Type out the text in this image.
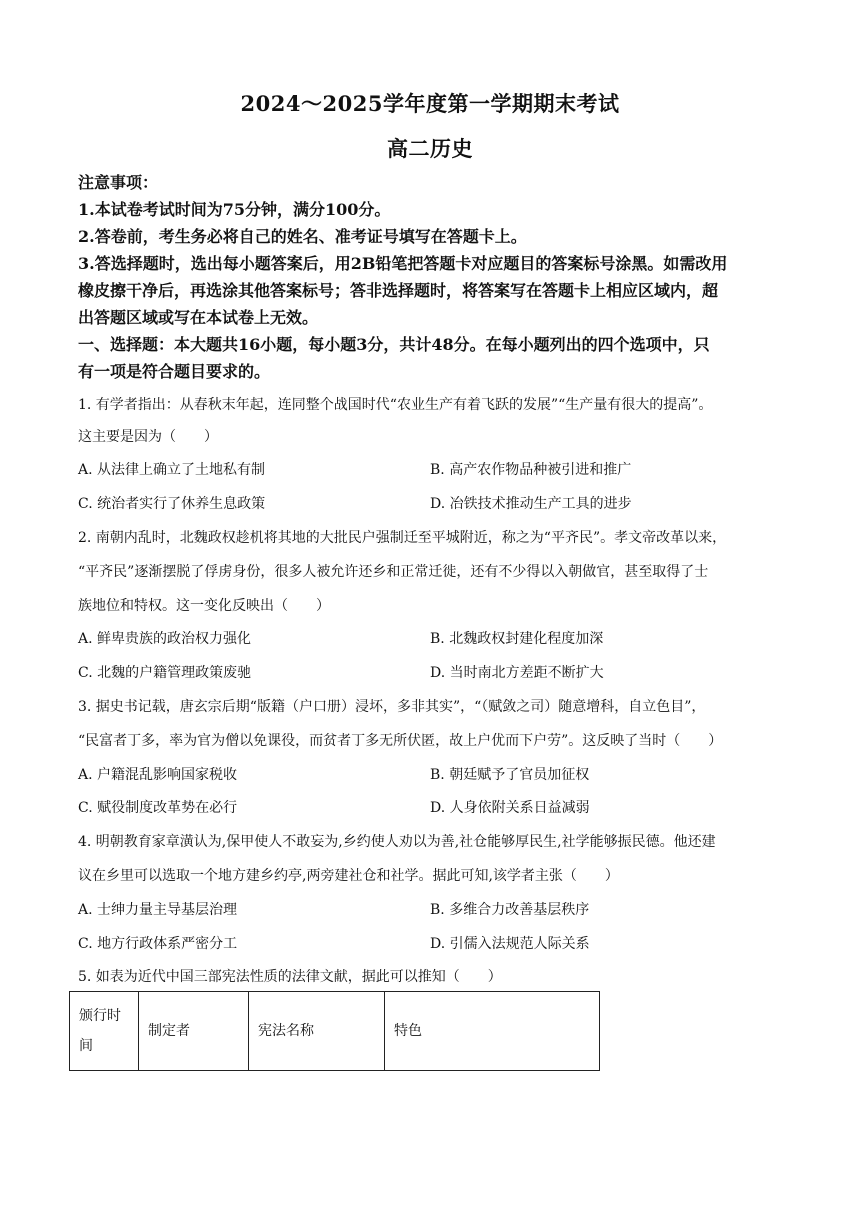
2024～2025学年度第一学期期末考试
高二历史
注意事项：
1.本试卷考试时间为75分钟，满分100分。
2.答卷前，考生务必将自己的姓名、准考证号填写在答题卡上。
3.答选择题时，选出每小题答案后，用2B铅笔把答题卡对应题目的答案标号涂黑。如需改用
橡皮擦干净后，再选涂其他答案标号；答非选择题时，将答案写在答题卡上相应区域内，超
出答题区域或写在本试卷上无效。
一、选择题：本大题共16小题，每小题3分，共计48分。在每小题列出的四个选项中，只
有一项是符合题目要求的。
1. 有学者指出：从春秋末年起，连同整个战国时代“农业生产有着飞跃的发展”“生产量有很大的提高”。
这主要是因为（　　）
A. 从法律上确立了土地私有制	B. 高产农作物品种被引进和推广
C. 统治者实行了休养生息政策	D. 冶铁技术推动生产工具的进步
2. 南朝内乱时，北魏政权趁机将其地的大批民户强制迁至平城附近，称之为“平齐民”。孝文帝改革以来，
“平齐民”逐渐摆脱了俘虏身份，很多人被允许还乡和正常迁徙，还有不少得以入朝做官，甚至取得了士
族地位和特权。这一变化反映出（　　）
A. 鲜卑贵族的政治权力强化	B. 北魏政权封建化程度加深
C. 北魏的户籍管理政策废驰	D. 当时南北方差距不断扩大
3. 据史书记载，唐玄宗后期“版籍（户口册）浸坏，多非其实”，“（赋敛之司）随意增科，自立色目”，
“民富者丁多，率为官为僧以免课役，而贫者丁多无所伏匿，故上户优而下户劳”。这反映了当时（　　）
A. 户籍混乱影响国家税收	B. 朝廷赋予了官员加征权
C. 赋役制度改革势在必行	D. 人身依附关系日益减弱
4. 明朝教育家章潢认为,保甲使人不敢妄为,乡约使人劝以为善,社仓能够厚民生,社学能够振民德。他还建
议在乡里可以选取一个地方建乡约亭,两旁建社仓和社学。据此可知,该学者主张（　　）
A. 士绅力量主导基层治理	B. 多维合力改善基层秩序
C. 地方行政体系严密分工	D. 引儒入法规范人际关系
5. 如表为近代中国三部宪法性质的法律文献，据此可以推知（　　）
颁行时间	制定者	宪法名称	特色
